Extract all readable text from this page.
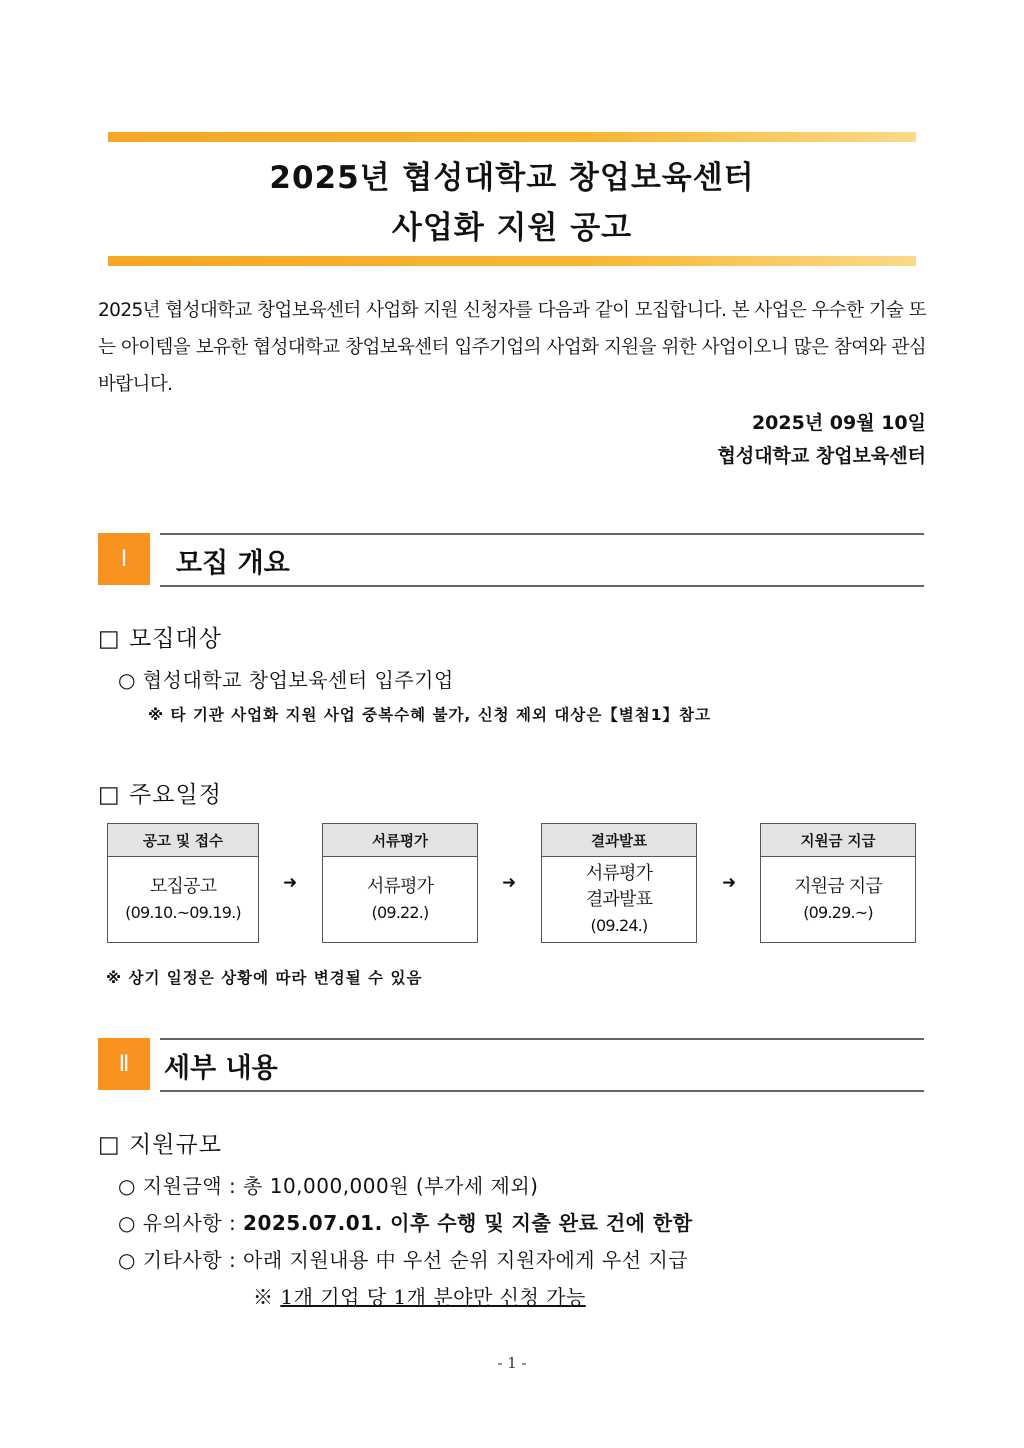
2025년 협성대학교 창업보육센터
사업화 지원 공고
2025년 협성대학교 창업보육센터 사업화 지원 신청자를 다음과 같이 모집합니다. 본 사업은 우수한 기술 또는 아이템을 보유한 협성대학교 창업보육센터 입주기업의 사업화 지원을 위한 사업이오니 많은 참여와 관심 바랍니다.
2025년 09월 10일
협성대학교 창업보육센터
Ⅰ	모집 개요
□ 모집대상
○ 협성대학교 창업보육센터 입주기업
※ 타 기관 사업화 지원 사업 중복수혜 불가, 신청 제외 대상은【별첨1】참고
□ 주요일정
공고 및 접수
모집공고
(09.10.~09.19.)
➜
서류평가
서류평가
(09.22.)
➜
결과발표
서류평가
결과발표
(09.24.)
➜
지원금 지급
지원금 지급
(09.29.~)
※ 상기 일정은 상황에 따라 변경될 수 있음
Ⅱ	세부 내용
□ 지원규모
○ 지원금액 : 총 10,000,000원 (부가세 제외)
○ 유의사항 : 2025.07.01. 이후 수행 및 지출 완료 건에 한함
○ 기타사항 : 아래 지원내용 中 우선 순위 지원자에게 우선 지급
※ 1개 기업 당 1개 분야만 신청 가능
- 1 -
